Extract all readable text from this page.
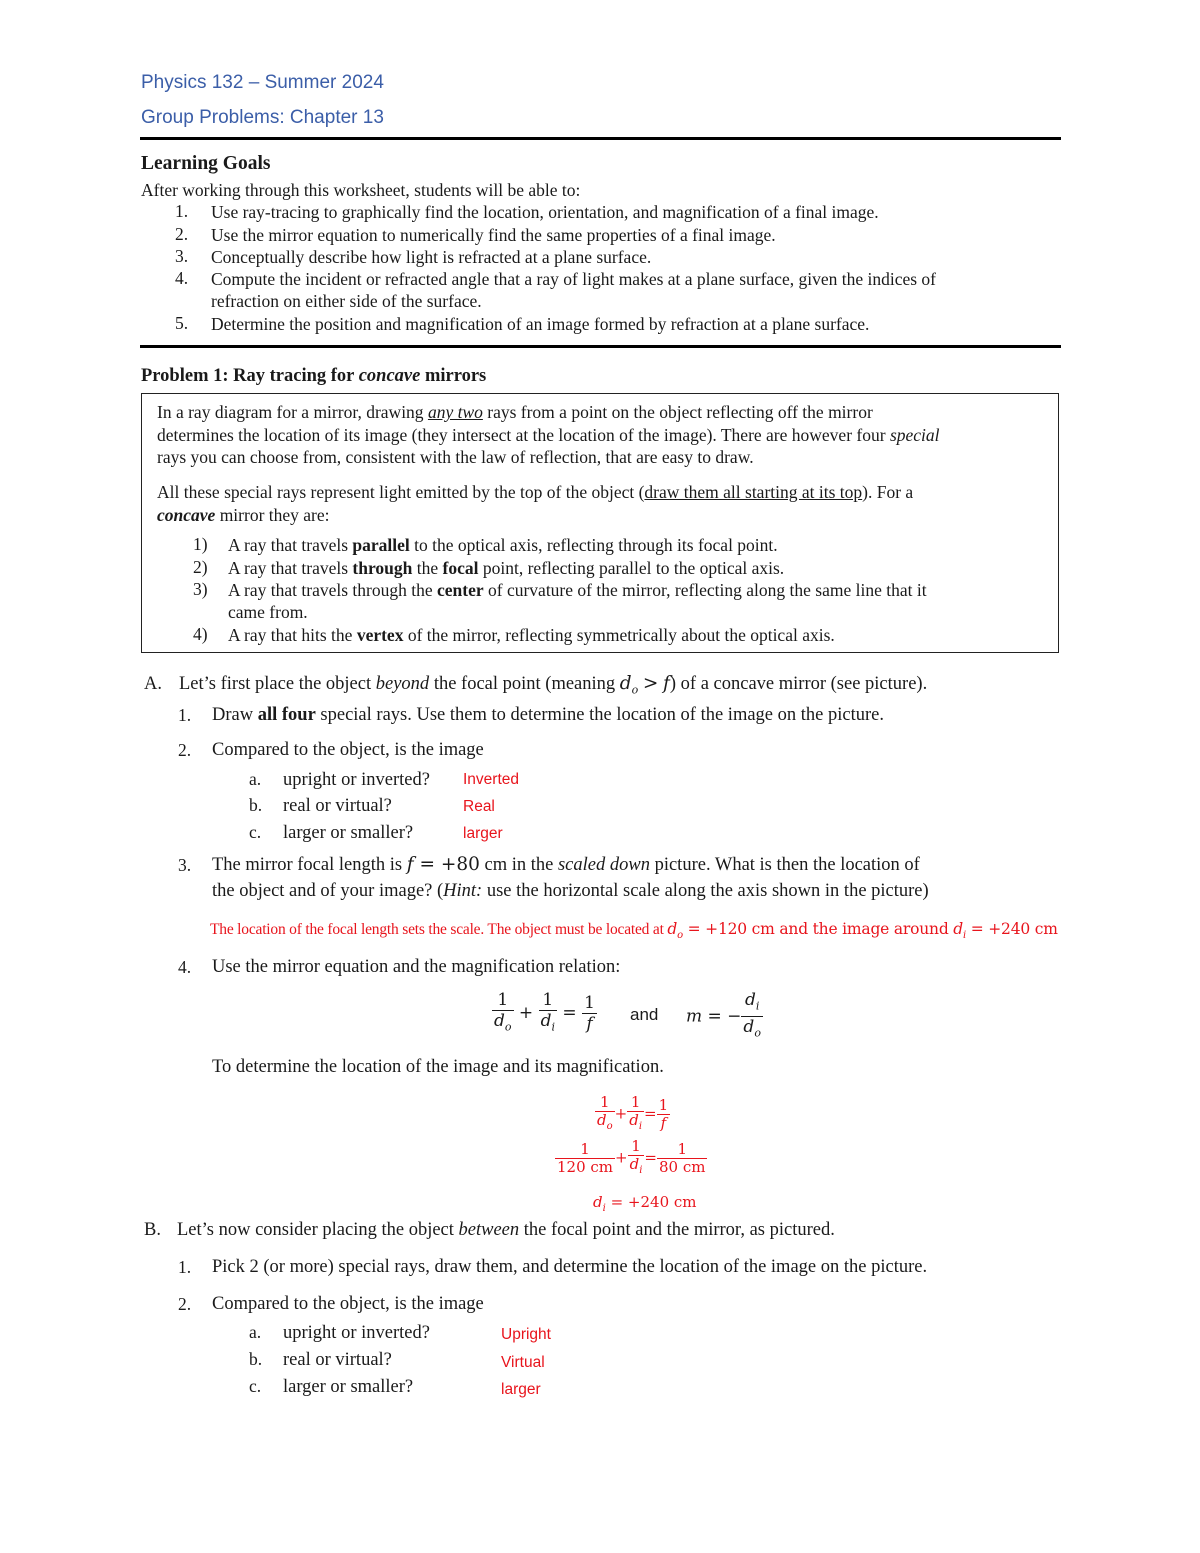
Physics 132 – Summer 2024
Group Problems: Chapter 13
Learning Goals
After working through this worksheet, students will be able to:
1. Use ray-tracing to graphically find the location, orientation, and magnification of a final image.
2. Use the mirror equation to numerically find the same properties of a final image.
3. Conceptually describe how light is refracted at a plane surface.
4. Compute the incident or refracted angle that a ray of light makes at a plane surface, given the indices of
refraction on either side of the surface.
5. Determine the position and magnification of an image formed by refraction at a plane surface.
Problem 1: Ray tracing for concave mirrors
In a ray diagram for a mirror, drawing any two rays from a point on the object reflecting off the mirror
determines the location of its image (they intersect at the location of the image). There are however four special
rays you can choose from, consistent with the law of reflection, that are easy to draw.
All these special rays represent light emitted by the top of the object (draw them all starting at its top). For a
concave mirror they are:
1) A ray that travels parallel to the optical axis, reflecting through its focal point.
2) A ray that travels through the focal point, reflecting parallel to the optical axis.
3) A ray that travels through the center of curvature of the mirror, reflecting along the same line that it
came from.
4) A ray that hits the vertex of the mirror, reflecting symmetrically about the optical axis.
A. Let’s first place the object beyond the focal point (meaning $d_o > f$) of a concave mirror (see picture).
1. Draw all four special rays. Use them to determine the location of the image on the picture.
2. Compared to the object, is the image
a. upright or inverted? Inverted
b. real or virtual?	Real
c. larger or smaller?	larger
3. The mirror focal length is f = +80 cm in the scaled down picture. What is then the location of
the object and of your image? (Hint: use the horizontal scale along the axis shown in the picture)
The location of the focal length sets the scale. The object must be located at $d_o = +120$ cm and the image around $d_i = +240$ cm
4. Use the mirror equation and the magnification relation:
$\frac{1}{d_o} + \frac{1}{d_i} = \frac{1}{f}$ and m = − $\frac{d_i}{d_o}$
To determine the location of the image and its magnification.
$\frac{1}{d_o} + \frac{1}{d_i} = \frac{1}{f}$
$\frac{1}{120 cm} + \frac{1}{d_i} = \frac{1}{80 cm}$
$d_i = +240$ cm
B. Let’s now consider placing the object between the focal point and the mirror, as pictured.
1. Pick 2 (or more) special rays, draw them, and determine the location of the image on the picture.
2. Compared to the object, is the image
a. upright or inverted?	Upright
b. real or virtual?	Virtual
c. larger or smaller?	larger
